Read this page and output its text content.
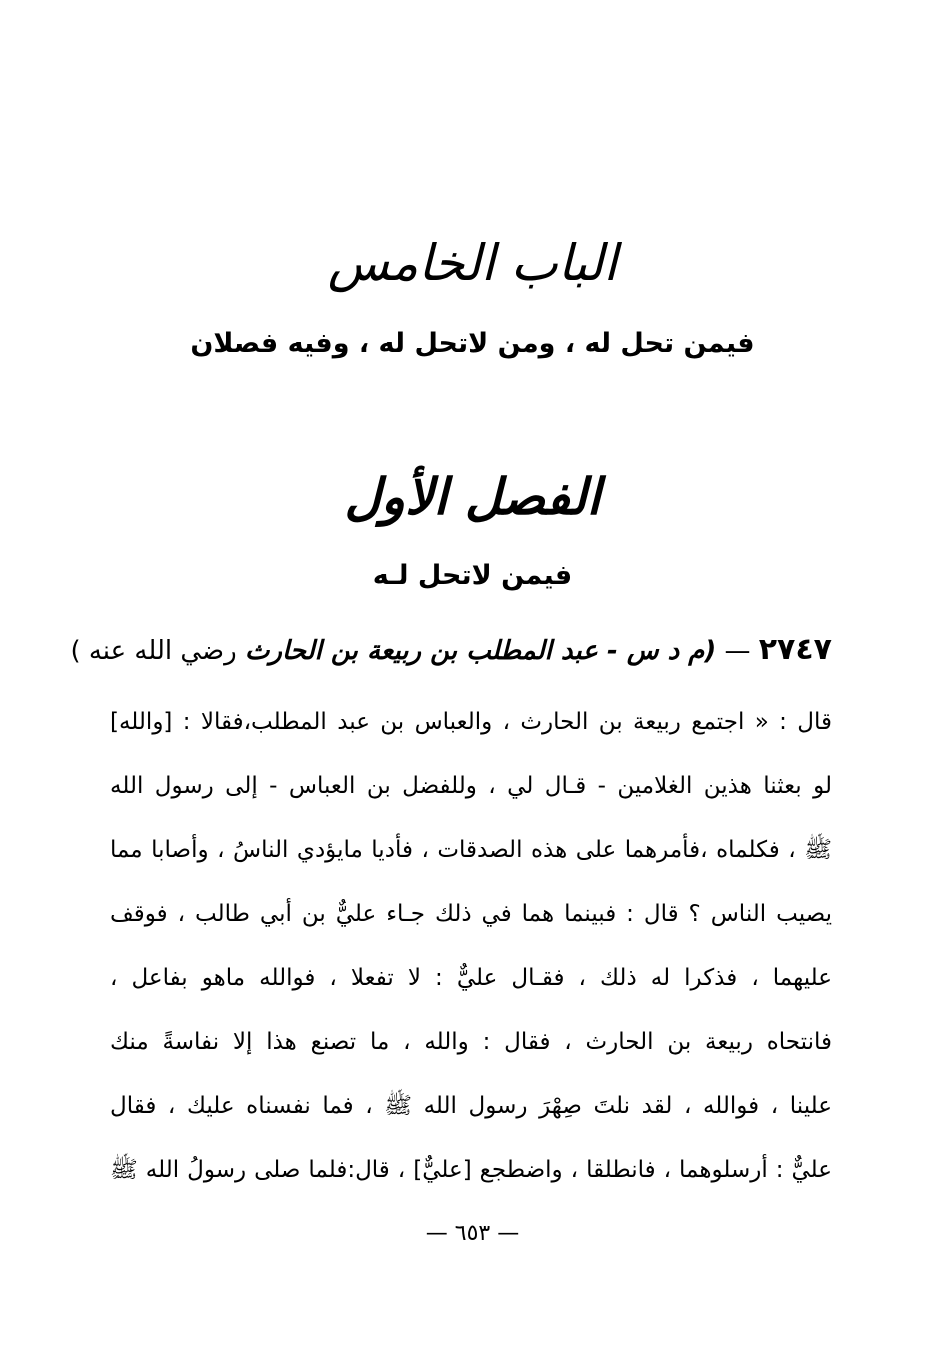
الباب الخامس
فيمن تحل له ، ومن لاتحل له ، وفيه فصلان
الفصل الأول
فيمن لاتحل لـه
٢٧٤٧ — (م د س - عبد المطلب بن ربيعة بن الحارث رضي الله عنه )
قال : « اجتمع ربيعة بن الحارث ، والعباس بن عبد المطلب،فقالا : [والله]
لو بعثنا هذين الغلامين - قـال لي ، وللفضل بن العباس - إلى رسول الله
ﷺ ، فكلماه ،فأمرهما على هذه الصدقات ، فأديا مايؤدي الناسُ ، وأصابا مما
يصيب الناس ؟ قال : فبينما هما في ذلك جـاء عليٌّ بن أبي طالب ، فوقف
عليهما ، فذكرا له ذلك ، فقـال عليٌّ : لا تفعلا ، فوالله ماهو بفاعل ،
فانتحاه ربيعة بن الحارث ، فقال : والله ، ما تصنع هذا إلا نفاسةً منك
علينا ، فوالله ، لقد نلتَ صِهْرَ رسول الله ﷺ ، فما نفسناه عليك ، فقال
عليٌّ : أرسلوهما ، فانطلقا ، واضطجع [عليٌّ] ، قال:فلما صلى رسولُ الله ﷺ
— ٦٥٣ —
